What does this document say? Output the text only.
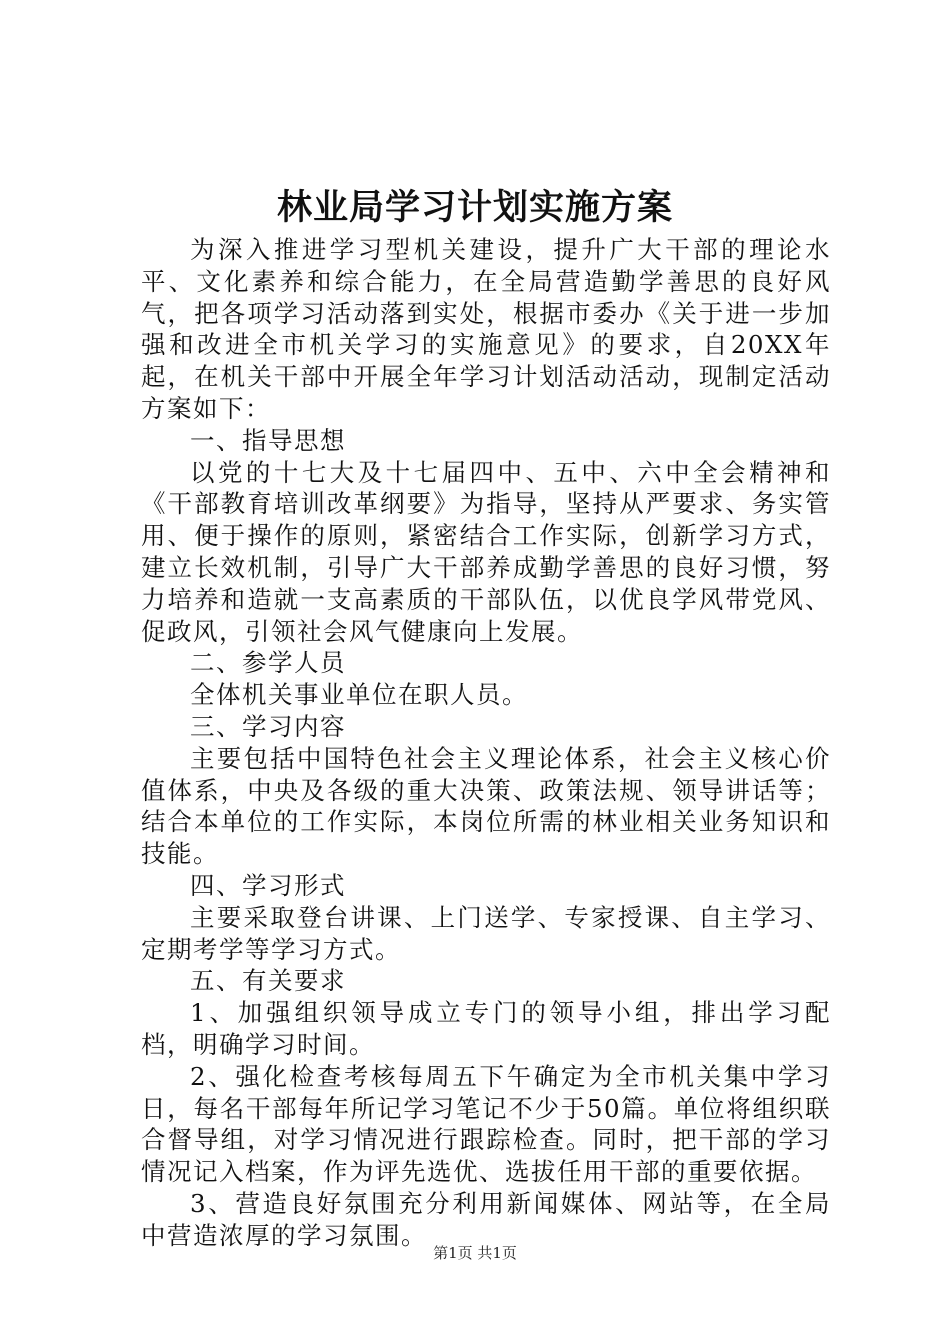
林业局学习计划实施方案

为深入推进学习型机关建设，提升广大干部的理论水平、文化素养和综合能力，在全局营造勤学善思的良好风气，把各项学习活动落到实处，根据市委办《关于进一步加强和改进全市机关学习的实施意见》的要求，自20XX年起，在机关干部中开展全年学习计划活动活动，现制定活动方案如下：

一、指导思想

以党的十七大及十七届四中、五中、六中全会精神和《干部教育培训改革纲要》为指导，坚持从严要求、务实管用、便于操作的原则，紧密结合工作实际，创新学习方式，建立长效机制，引导广大干部养成勤学善思的良好习惯，努力培养和造就一支高素质的干部队伍，以优良学风带党风、促政风，引领社会风气健康向上发展。

二、参学人员

全体机关事业单位在职人员。

三、学习内容

主要包括中国特色社会主义理论体系，社会主义核心价值体系，中央及各级的重大决策、政策法规、领导讲话等；结合本单位的工作实际，本岗位所需的林业相关业务知识和技能。

四、学习形式

主要采取登台讲课、上门送学、专家授课、自主学习、定期考学等学习方式。

五、有关要求

1、加强组织领导成立专门的领导小组，排出学习配档，明确学习时间。

2、强化检查考核每周五下午确定为全市机关集中学习日，每名干部每年所记学习笔记不少于50篇。单位将组织联合督导组，对学习情况进行跟踪检查。同时，把干部的学习情况记入档案，作为评先选优、选拔任用干部的重要依据。

3、营造良好氛围充分利用新闻媒体、网站等，在全局中营造浓厚的学习氛围。

第1页 共1页
